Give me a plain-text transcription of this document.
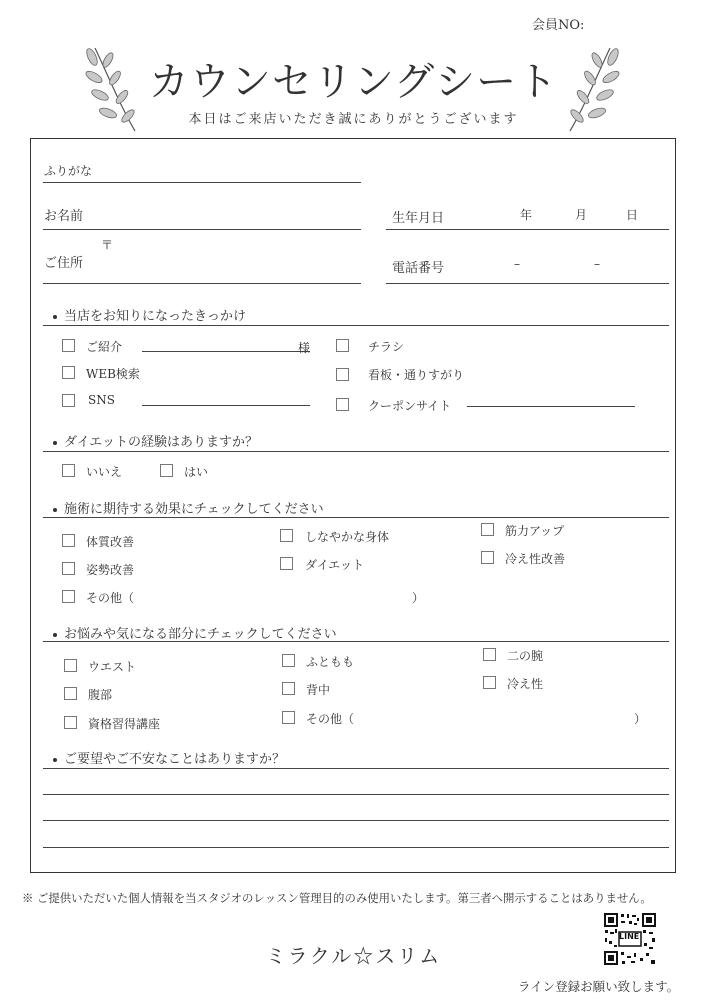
会員NO:
カウンセリングシート
本日はご来店いただき誠にありがとうございます
ふりがな
お名前	生年月日	年	月	日
〒
ご住所	電話番号	–	–
当店をお知りになったきっかけ
ご紹介	様	チラシ
WEB検索	看板・通りすがり
SNS	クーポンサイト
ダイエットの経験はありますか？
いいえ	はい
施術に期待する効果にチェックしてください
体質改善	しなやかな身体	筋力アップ
姿勢改善	ダイエット	冷え性改善
その他（	）
お悩みや気になる部分にチェックしてください
ウエスト	ふともも	二の腕
腹部	背中	冷え性
資格習得講座	その他（	）
ご要望やご不安なことはありますか？
※ ご提供いただいた個人情報を当スタジオのレッスン管理目的のみ使用いたします。第三者へ開示することはありません。
ミラクル☆スリム
LINE
ライン登録お願い致します。
